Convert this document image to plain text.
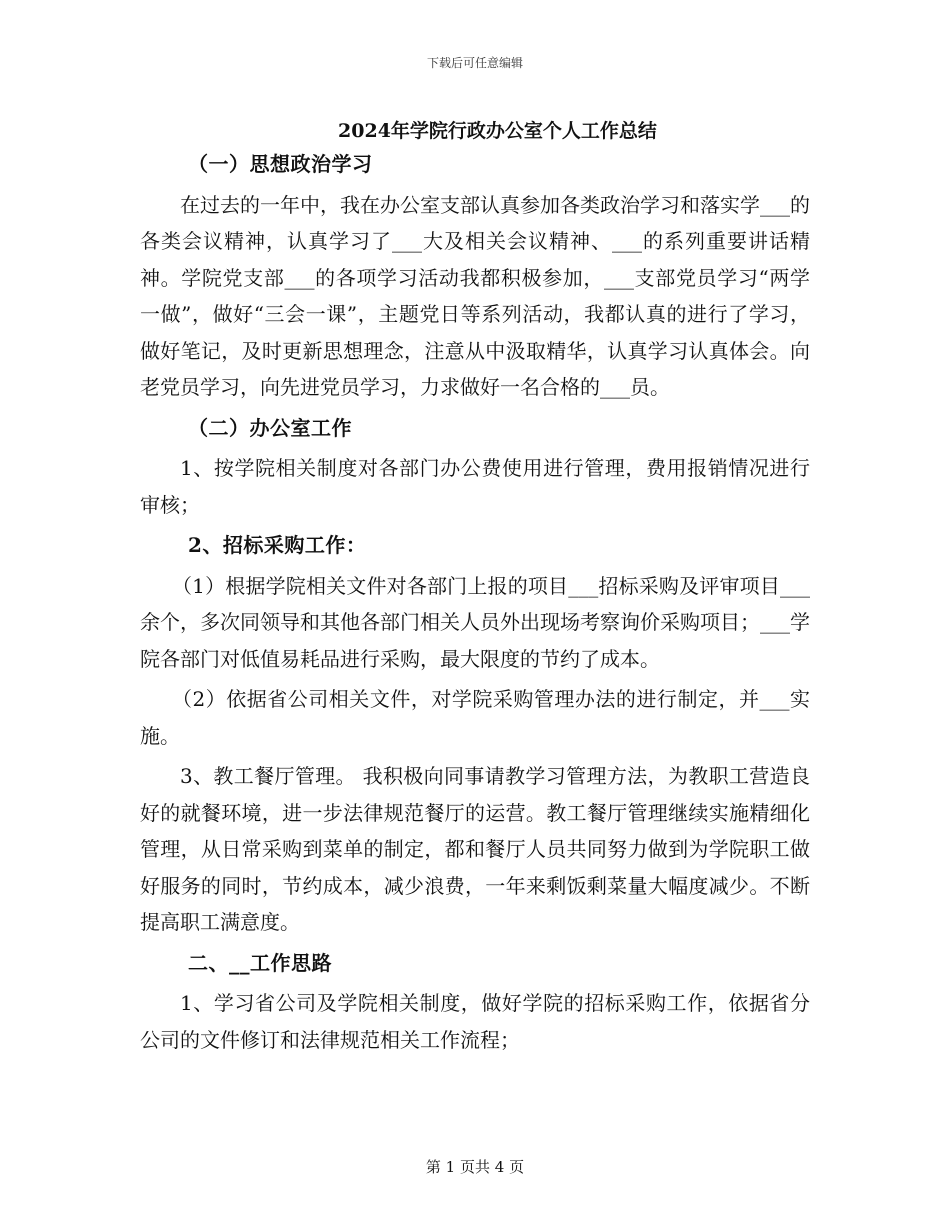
下载后可任意编辑
2024年学院行政办公室个人工作总结

（一）思想政治学习

在过去的一年中，我在办公室支部认真参加各类政治学习和落实学___的各类会议精神，认真学习了___大及相关会议精神、___的系列重要讲话精神。学院党支部___的各项学习活动我都积极参加，___支部党员学习“两学一做”，做好“三会一课”，主题党日等系列活动，我都认真的进行了学习，做好笔记，及时更新思想理念，注意从中汲取精华，认真学习认真体会。向老党员学习，向先进党员学习，力求做好一名合格的___员。

（二）办公室工作

1、按学院相关制度对各部门办公费使用进行管理，费用报销情况进行审核；

2、招标采购工作：

（1）根据学院相关文件对各部门上报的项目___招标采购及评审项目___余个，多次同领导和其他各部门相关人员外出现场考察询价采购项目；___学院各部门对低值易耗品进行采购，最大限度的节约了成本。

（2）依据省公司相关文件，对学院采购管理办法的进行制定，并___实施。

3、教工餐厅管理。 我积极向同事请教学习管理方法，为教职工营造良好的就餐环境，进一步法律规范餐厅的运营。教工餐厅管理继续实施精细化管理，从日常采购到菜单的制定，都和餐厅人员共同努力做到为学院职工做好服务的同时，节约成本，减少浪费，一年来剩饭剩菜量大幅度减少。不断提高职工满意度。

二、__工作思路

1、学习省公司及学院相关制度，做好学院的招标采购工作，依据省分公司的文件修订和法律规范相关工作流程；

第 1 页共 4 页
